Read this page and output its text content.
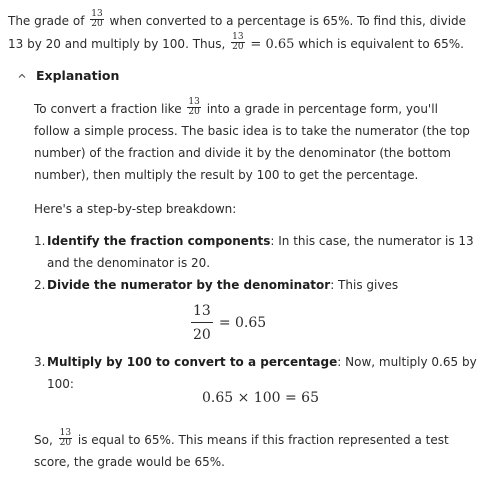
The grade of $\frac{13}{20}$ when converted to a percentage is 65%. To find this, divide 13 by 20 and multiply by 100. Thus, $\frac{13}{20} = 0.65$ which is equivalent to 65%.
Explanation

To convert a fraction like $\frac{13}{20}$ into a grade in percentage form, you'll follow a simple process. The basic idea is to take the numerator (the top number) of the fraction and divide it by the denominator (the bottom number), then multiply the result by 100 to get the percentage.

Here's a step-by-step breakdown:

1. Identify the fraction components: In this case, the numerator is 13 and the denominator is 20.

2. Divide the numerator by the denominator: This gives

$\frac{13}{20} = 0.65$

3. Multiply by 100 to convert to a percentage: Now, multiply 0.65 by 100:

0.65 × 100 = 65

So, $\frac{13}{20}$ is equal to 65%. This means if this fraction represented a test score, the grade would be 65%.
